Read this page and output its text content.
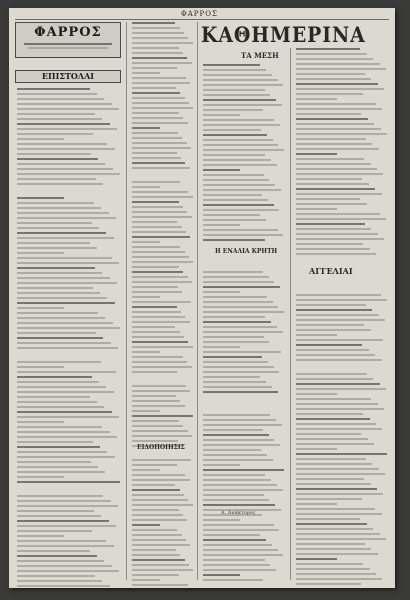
ΦΑΡΡΟΣ
ΦΑΡΡΟΣ
ΕΠΙΣΤΟΛΑΙ
ΚΑΘΗΜΕΡΙΝΑ
ΤΑ ΜΕΣΗ
ΕΙΔΟΠΟΙΗΣΙΣ
Η ΕΝΑΛΙΑ ΚΡΗΤΗ
ΑΓΓΕΛΙΑΙ
Α. Ανάκτορος
